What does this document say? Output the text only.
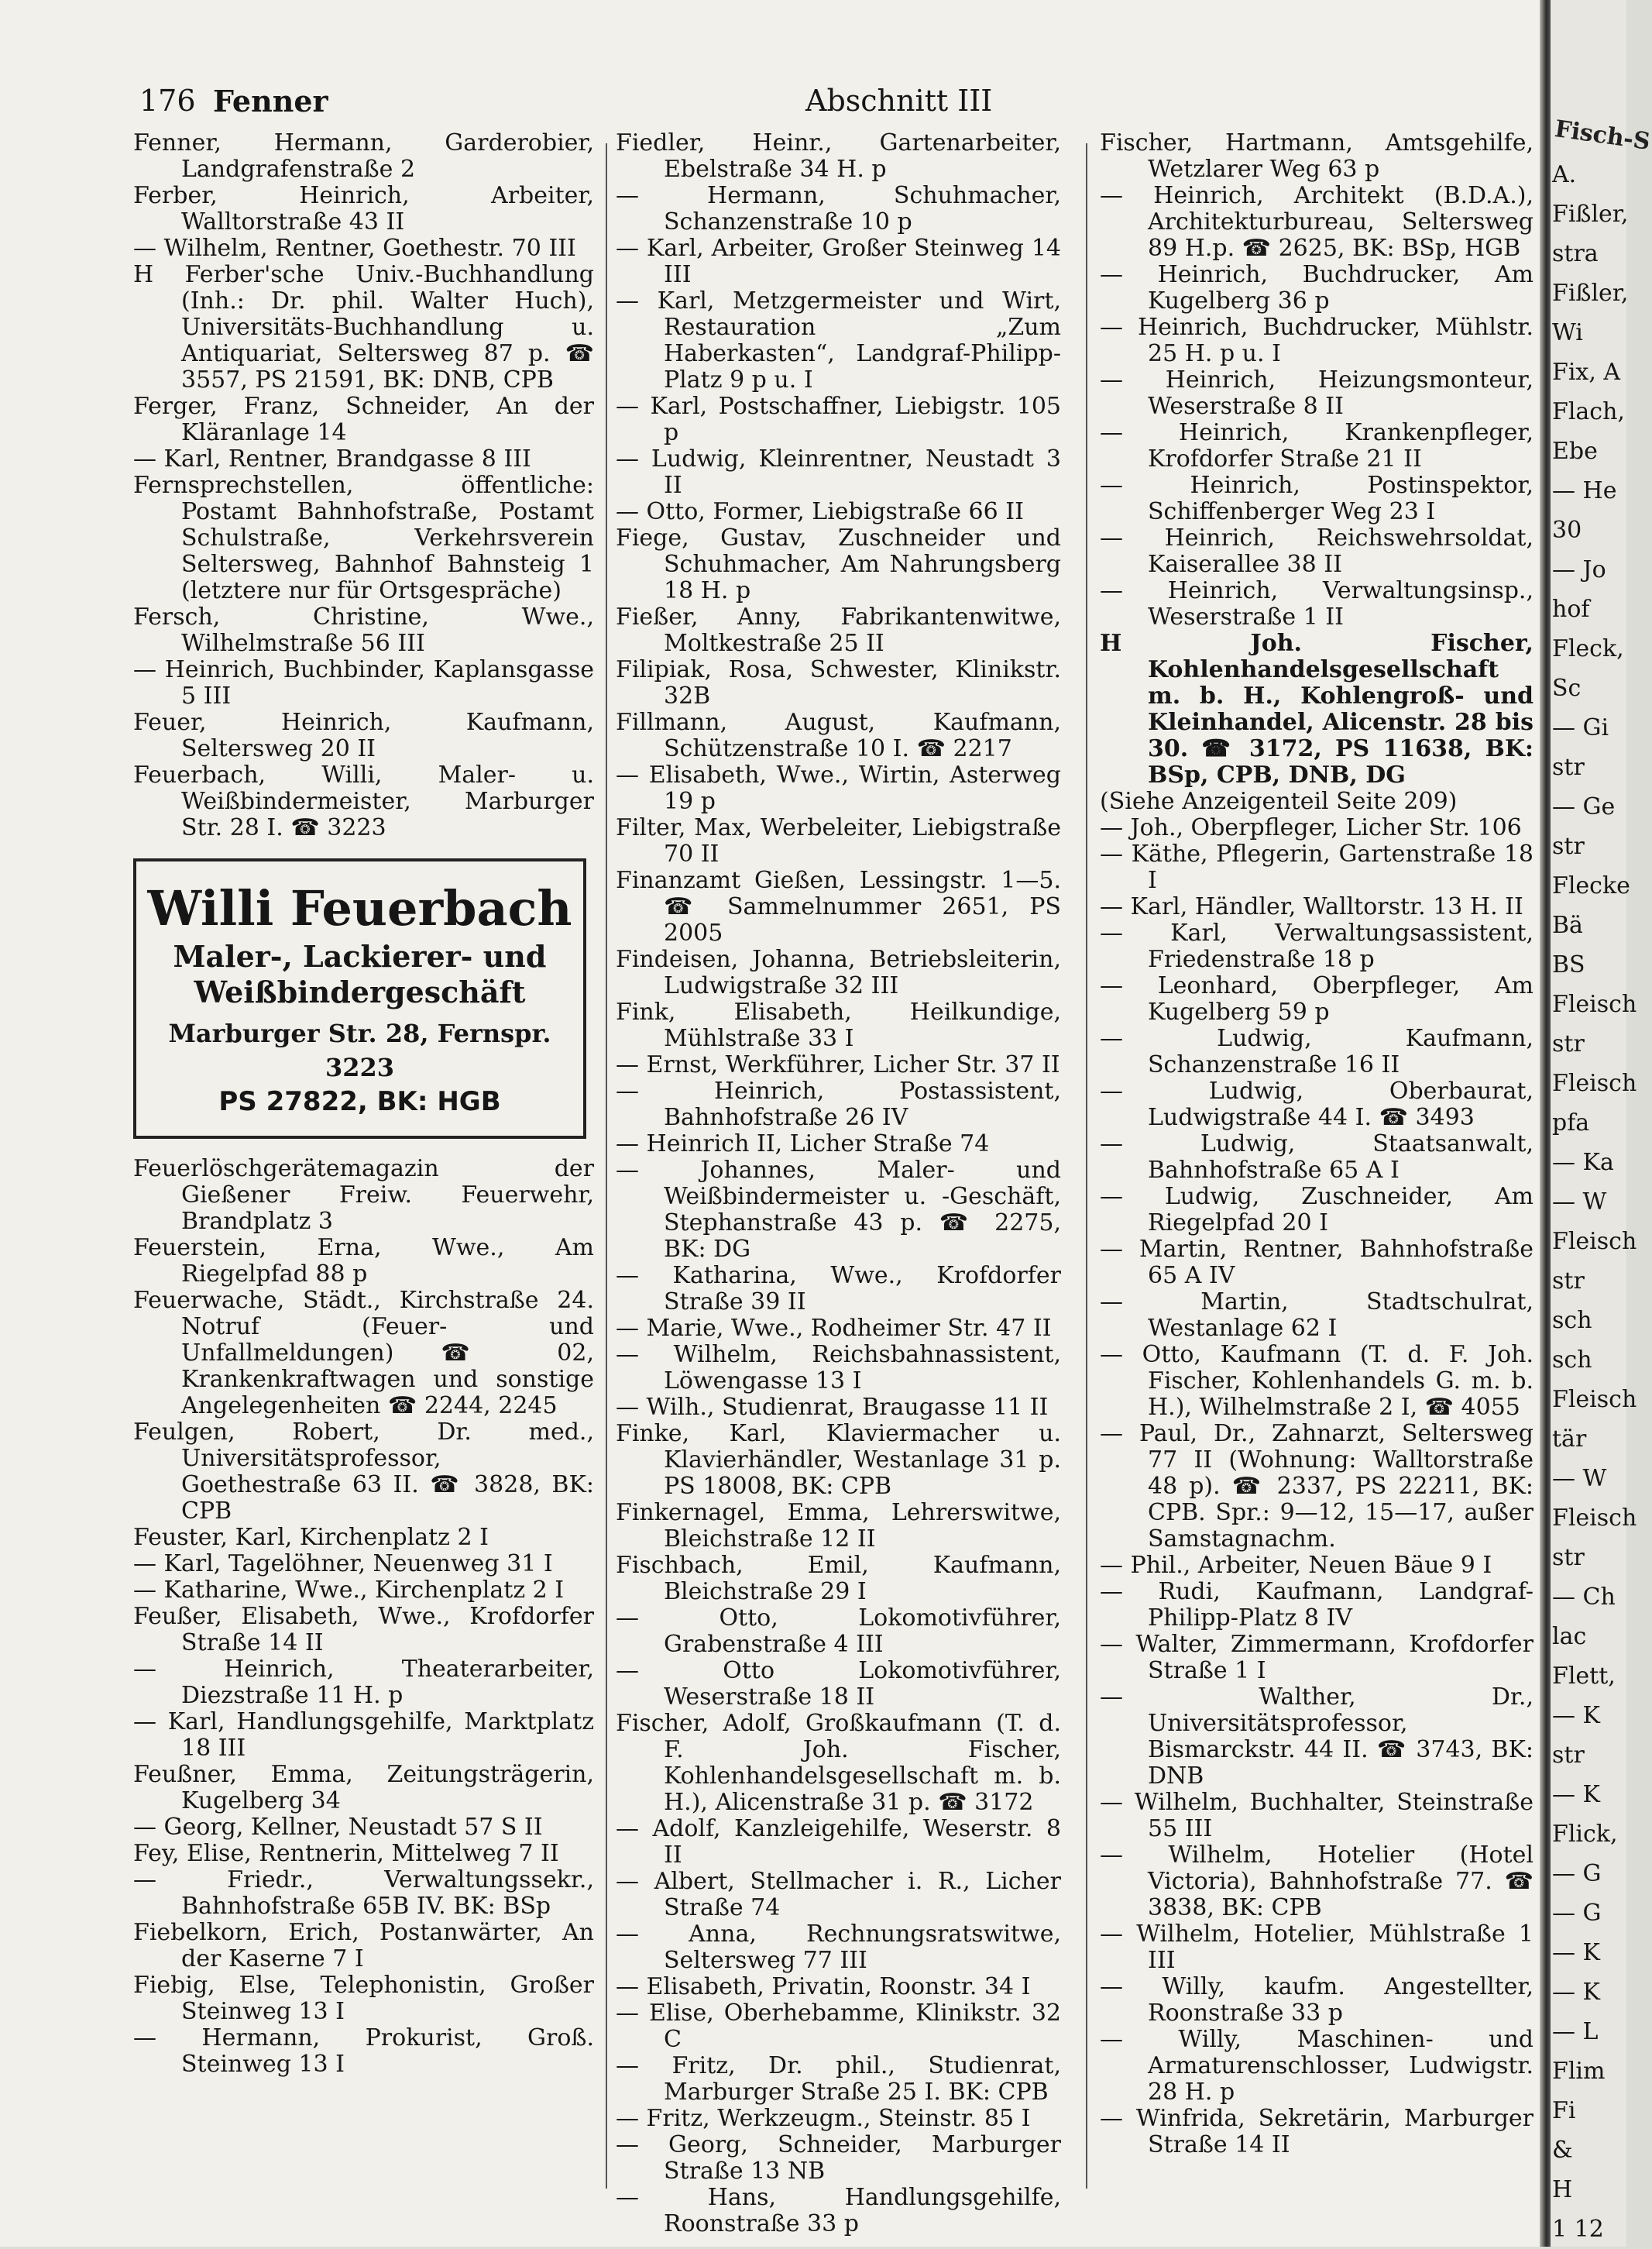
176 Fenner	Abschnitt III

Fenner, Hermann, Garderobier, Landgrafenstraße 2

Ferber, Heinrich, Arbeiter, Walltorstraße 43 II

— Wilhelm, Rentner, Goethestr. 70 III

H Ferber'sche Univ.-Buchhandlung (Inh.: Dr. phil. Walter Huch), Universitäts-Buchhandlung u. Antiquariat, Seltersweg 87 p. ☎ 3557, PS 21591, BK: DNB, CPB

Ferger, Franz, Schneider, An der Kläranlage 14

— Karl, Rentner, Brandgasse 8 III

Fernsprechstellen, öffentliche: Postamt Bahnhofstraße, Postamt Schulstraße, Verkehrsverein Seltersweg, Bahnhof Bahnsteig 1 (letztere nur für Ortsgespräche)

Fersch, Christine, Wwe., Wilhelmstraße 56 III

— Heinrich, Buchbinder, Kaplansgasse 5 III

Feuer, Heinrich, Kaufmann, Seltersweg 20 II

Feuerbach, Willi, Maler- u. Weißbindermeister, Marburger Str. 28 I. ☎ 3223

Willi Feuerbach
Maler-, Lackierer- und Weißbindergeschäft
Marburger Str. 28, Fernspr. 3223
PS 27822, BK: HGB

Feuerlöschgerätemagazin der Gießener Freiw. Feuerwehr, Brandplatz 3

Feuerstein, Erna, Wwe., Am Riegelpfad 88 p

Feuerwache, Städt., Kirchstraße 24. Notruf (Feuer- und Unfallmeldungen) ☎ 02, Krankenkraftwagen und sonstige Angelegenheiten ☎ 2244, 2245

Feulgen, Robert, Dr. med., Universitätsprofessor, Goethestraße 63 II. ☎ 3828, BK: CPB

Feuster, Karl, Kirchenplatz 2 I

— Karl, Tagelöhner, Neuenweg 31 I

— Katharine, Wwe., Kirchenplatz 2 I

Feußer, Elisabeth, Wwe., Krofdorfer Straße 14 II

— Heinrich, Theaterarbeiter, Diezstraße 11 H. p

— Karl, Handlungsgehilfe, Marktplatz 18 III

Feußner, Emma, Zeitungsträgerin, Kugelberg 34

— Georg, Kellner, Neustadt 57 S II

Fey, Elise, Rentnerin, Mittelweg 7 II

— Friedr., Verwaltungssekr., Bahnhofstraße 65B IV. BK: BSp

Fiebelkorn, Erich, Postanwärter, An der Kaserne 7 I

Fiebig, Else, Telephonistin, Großer Steinweg 13 I

— Hermann, Prokurist, Groß. Steinweg 13 I

Fiedler, Heinr., Gartenarbeiter, Ebelstraße 34 H. p

— Hermann, Schuhmacher, Schanzenstraße 10 p

— Karl, Arbeiter, Großer Steinweg 14 III

— Karl, Metzgermeister und Wirt, Restauration „Zum Haberkasten“, Landgraf-Philipp-Platz 9 p u. I

— Karl, Postschaffner, Liebigstr. 105 p

— Ludwig, Kleinrentner, Neustadt 3 II

— Otto, Former, Liebigstraße 66 II

Fiege, Gustav, Zuschneider und Schuhmacher, Am Nahrungsberg 18 H. p

Fießer, Anny, Fabrikantenwitwe, Moltkestraße 25 II

Filipiak, Rosa, Schwester, Klinikstr. 32B

Fillmann, August, Kaufmann, Schützenstraße 10 I. ☎ 2217

— Elisabeth, Wwe., Wirtin, Asterweg 19 p

Filter, Max, Werbeleiter, Liebigstraße 70 II

Finanzamt Gießen, Lessingstr. 1—5. ☎ Sammelnummer 2651, PS 2005

Findeisen, Johanna, Betriebsleiterin, Ludwigstraße 32 III

Fink, Elisabeth, Heilkundige, Mühlstraße 33 I

— Ernst, Werkführer, Licher Str. 37 II

— Heinrich, Postassistent, Bahnhofstraße 26 IV

— Heinrich II, Licher Straße 74

— Johannes, Maler- und Weißbindermeister u. -Geschäft, Stephanstraße 43 p. ☎ 2275, BK: DG

— Katharina, Wwe., Krofdorfer Straße 39 II

— Marie, Wwe., Rodheimer Str. 47 II

— Wilhelm, Reichsbahnassistent, Löwengasse 13 I

— Wilh., Studienrat, Braugasse 11 II

Finke, Karl, Klaviermacher u. Klavierhändler, Westanlage 31 p. PS 18008, BK: CPB

Finkernagel, Emma, Lehrerswitwe, Bleichstraße 12 II

Fischbach, Emil, Kaufmann, Bleichstraße 29 I

— Otto, Lokomotivführer, Grabenstraße 4 III

— Otto Lokomotivführer, Weserstraße 18 II

Fischer, Adolf, Großkaufmann (T. d. F. Joh. Fischer, Kohlenhandelsgesellschaft m. b. H.), Alicenstraße 31 p. ☎ 3172

— Adolf, Kanzleigehilfe, Weserstr. 8 II

— Albert, Stellmacher i. R., Licher Straße 74

— Anna, Rechnungsratswitwe, Seltersweg 77 III

— Elisabeth, Privatin, Roonstr. 34 I

— Elise, Oberhebamme, Klinikstr. 32 C

— Fritz, Dr. phil., Studienrat, Marburger Straße 25 I. BK: CPB

— Fritz, Werkzeugm., Steinstr. 85 I

— Georg, Schneider, Marburger Straße 13 NB

— Hans, Handlungsgehilfe, Roonstraße 33 p

Fischer, Hartmann, Amtsgehilfe, Wetzlarer Weg 63 p

— Heinrich, Architekt (B.D.A.), Architekturbureau, Seltersweg 89 H.p. ☎ 2625, BK: BSp, HGB

— Heinrich, Buchdrucker, Am Kugelberg 36 p

— Heinrich, Buchdrucker, Mühlstr. 25 H. p u. I

— Heinrich, Heizungsmonteur, Weserstraße 8 II

— Heinrich, Krankenpfleger, Krofdorfer Straße 21 II

— Heinrich, Postinspektor, Schiffenberger Weg 23 I

— Heinrich, Reichswehrsoldat, Kaiserallee 38 II

— Heinrich, Verwaltungsinsp., Weserstraße 1 II

H Joh. Fischer, Kohlenhandelsgesellschaft m. b. H., Kohlengroß- und Kleinhandel, Alicenstr. 28 bis 30. ☎ 3172, PS 11638, BK: BSp, CPB, DNB, DG

(Siehe Anzeigenteil Seite 209)

— Joh., Oberpfleger, Licher Str. 106

— Käthe, Pflegerin, Gartenstraße 18 I

— Karl, Händler, Walltorstr. 13 H. II

— Karl, Verwaltungsassistent, Friedenstraße 18 p

— Leonhard, Oberpfleger, Am Kugelberg 59 p

— Ludwig, Kaufmann, Schanzenstraße 16 II

— Ludwig, Oberbaurat, Ludwigstraße 44 I. ☎ 3493

— Ludwig, Staatsanwalt, Bahnhofstraße 65 A I

— Ludwig, Zuschneider, Am Riegelpfad 20 I

— Martin, Rentner, Bahnhofstraße 65 A IV

— Martin, Stadtschulrat, Westanlage 62 I

— Otto, Kaufmann (T. d. F. Joh. Fischer, Kohlenhandels G. m. b. H.), Wilhelmstraße 2 I, ☎ 4055

— Paul, Dr., Zahnarzt, Seltersweg 77 II (Wohnung: Walltorstraße 48 p). ☎ 2337, PS 22211, BK: CPB. Spr.: 9—12, 15—17, außer Samstagnachm.

— Phil., Arbeiter, Neuen Bäue 9 I

— Rudi, Kaufmann, Landgraf-Philipp-Platz 8 IV

— Walter, Zimmermann, Krofdorfer Straße 1 I

— Walther, Dr., Universitätsprofessor, Bismarckstr. 44 II. ☎ 3743, BK: DNB

— Wilhelm, Buchhalter, Steinstraße 55 III

— Wilhelm, Hotelier (Hotel Victoria), Bahnhofstraße 77. ☎ 3838, BK: CPB

— Wilhelm, Hotelier, Mühlstraße 1 III

— Willy, kaufm. Angestellter, Roonstraße 33 p

— Willy, Maschinen- und Armaturenschlosser, Ludwigstr. 28 H. p

— Winfrida, Sekretärin, Marburger Straße 14 II

Fisch-S
A.
Fißler,
stra
Fißler,
Wi
Fix, A
Flach,
Ebe
— He
30
— Jo
hof
Fleck,
Sc
— Gi
str
— Ge
str
Flecke
Bä
BS
Fleisch
str
Fleisch
pfa
— Ka
— W
Fleisch
str
sch
sch
Fleisch
tär
— W
Fleisch
str
— Ch
lac
Flett,
— K
str
— K
Flick,
— G
— G
— K
— K
— L
Flim
Fi
&
H
1 12
